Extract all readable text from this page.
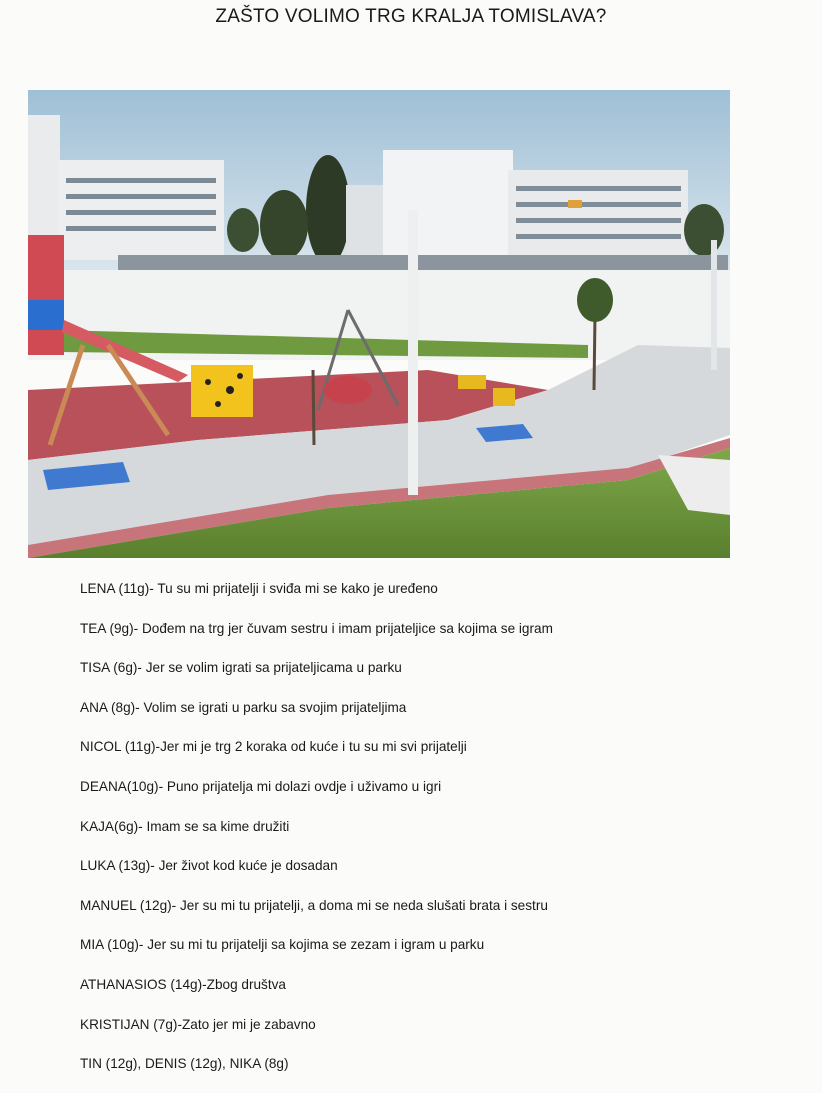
ZAŠTO VOLIMO TRG KRALJA TOMISLAVA?
LENA (11g)- Tu su mi prijatelji i sviđa mi se kako je uređeno
TEA (9g)- Dođem na trg jer čuvam sestru i imam prijateljice sa kojima se igram
TISA (6g)- Jer se volim igrati sa prijateljicama u parku
ANA (8g)- Volim se igrati u parku sa svojim prijateljima
NICOL (11g)-Jer mi je trg 2 koraka od kuće i tu su mi svi prijatelji
DEANA(10g)- Puno prijatelja mi dolazi ovdje i uživamo u igri
KAJA(6g)- Imam se sa kime družiti
LUKA (13g)- Jer život kod kuće je dosadan
MANUEL (12g)- Jer su mi tu prijatelji, a doma mi se neda slušati brata i sestru
MIA (10g)- Jer su mi tu prijatelji sa kojima se zezam i igram u parku
ATHANASIOS (14g)-Zbog društva
KRISTIJAN (7g)-Zato jer mi je zabavno
TIN (12g), DENIS (12g), NIKA (8g)
